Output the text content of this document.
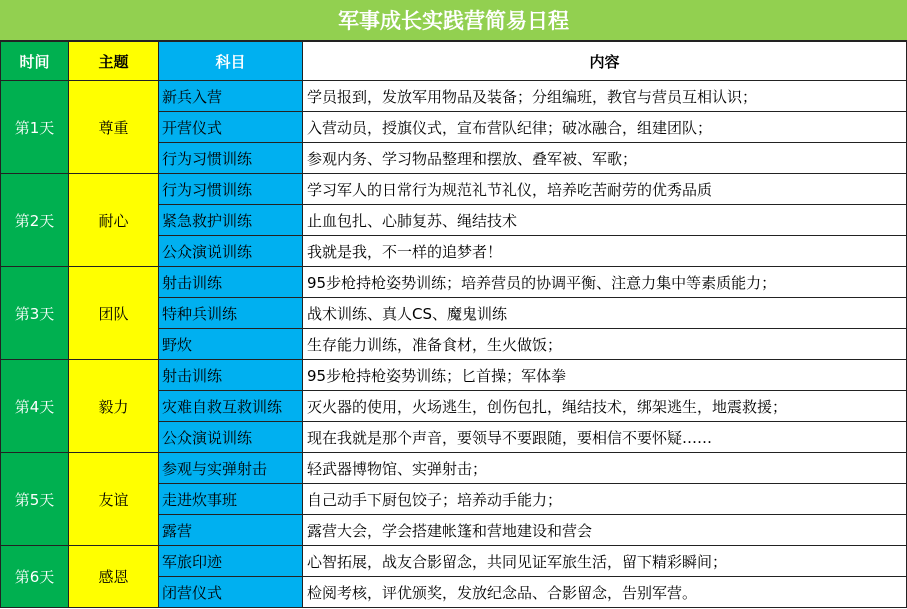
军事成长实践营简易日程
时间	主题	科目	内容
第1天	尊重	新兵入营	学员报到，发放军用物品及装备；分组编班，教官与营员互相认识；
		开营仪式	入营动员，授旗仪式，宣布营队纪律；破冰融合，组建团队；
		行为习惯训练	参观内务、学习物品整理和摆放、叠军被、军歌；
第2天	耐心	行为习惯训练	学习军人的日常行为规范礼节礼仪，培养吃苦耐劳的优秀品质
		紧急救护训练	止血包扎、心肺复苏、绳结技术
		公众演说训练	我就是我，不一样的追梦者！
第3天	团队	射击训练	95步枪持枪姿势训练；培养营员的协调平衡、注意力集中等素质能力；
		特种兵训练	战术训练、真人CS、魔鬼训练
		野炊	生存能力训练，准备食材，生火做饭；
第4天	毅力	射击训练	95步枪持枪姿势训练；匕首操；军体拳
		灾难自救互救训练	灭火器的使用，火场逃生，创伤包扎，绳结技术，绑架逃生，地震救援；
		公众演说训练	现在我就是那个声音，要领导不要跟随，要相信不要怀疑……
第5天	友谊	参观与实弹射击	轻武器博物馆、实弹射击；
		走进炊事班	自己动手下厨包饺子；培养动手能力；
		露营	露营大会，学会搭建帐篷和营地建设和营会
第6天	感恩	军旅印迹	心智拓展，战友合影留念，共同见证军旅生活，留下精彩瞬间；
		闭营仪式	检阅考核，评优颁奖，发放纪念品、合影留念，告别军营。
